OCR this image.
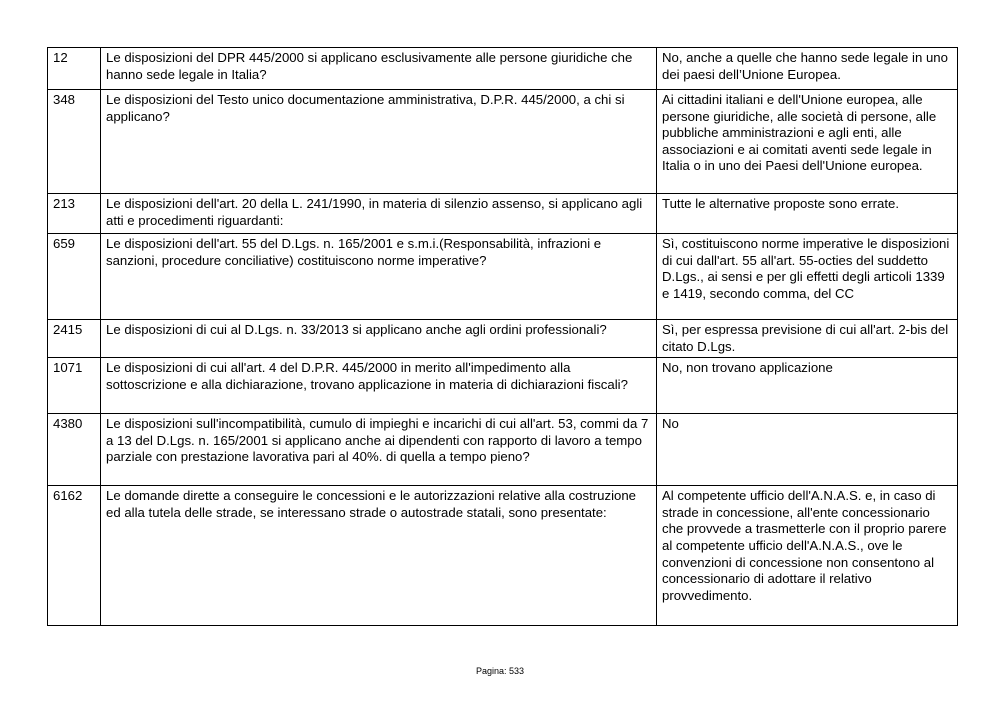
12	Le disposizioni del DPR 445/2000 si applicano esclusivamente alle persone giuridiche che hanno sede legale in Italia?	No, anche a quelle che hanno sede legale in uno dei paesi dell’Unione Europea.
348	Le disposizioni del Testo unico documentazione amministrativa, D.P.R. 445/2000, a chi si applicano?	Ai cittadini italiani e dell'Unione europea, alle persone giuridiche, alle società di persone, alle pubbliche amministrazioni e agli enti, alle associazioni e ai comitati aventi sede legale in Italia o in uno dei Paesi dell'Unione europea.
213	Le disposizioni dell'art. 20 della L. 241/1990, in materia di silenzio assenso, si applicano agli atti e procedimenti riguardanti:	Tutte le alternative proposte sono errate.
659	Le disposizioni dell'art. 55 del D.Lgs. n. 165/2001 e s.m.i.(Responsabilità, infrazioni e sanzioni, procedure conciliative) costituiscono norme imperative?	Sì, costituiscono norme imperative le disposizioni di cui dall'art. 55 all'art. 55-octies del suddetto D.Lgs., ai sensi e per gli effetti degli articoli 1339 e 1419, secondo comma, del CC
2415	Le disposizioni di cui al D.Lgs. n. 33/2013 si applicano anche agli ordini professionali?	Sì, per espressa previsione di cui all'art. 2-bis del citato D.Lgs.
1071	Le disposizioni di cui all'art. 4 del D.P.R. 445/2000 in merito all'impedimento alla sottoscrizione e alla dichiarazione, trovano applicazione in materia di dichiarazioni fiscali?	No, non trovano applicazione
4380	Le disposizioni sull'incompatibilità, cumulo di impieghi e incarichi di cui all'art. 53, commi da 7 a 13 del D.Lgs. n. 165/2001 si applicano anche ai dipendenti con rapporto di lavoro a tempo parziale con prestazione lavorativa pari al 40%. di quella a tempo pieno?	No
6162	Le domande dirette a conseguire le concessioni e le autorizzazioni relative alla costruzione ed alla tutela delle strade, se interessano strade o autostrade statali, sono presentate:	Al competente ufficio dell'A.N.A.S. e, in caso di strade in concessione, all'ente concessionario che provvede a trasmetterle con il proprio parere al competente ufficio dell'A.N.A.S., ove le convenzioni di concessione non consentono al concessionario di adottare il relativo provvedimento.
Pagina: 533
